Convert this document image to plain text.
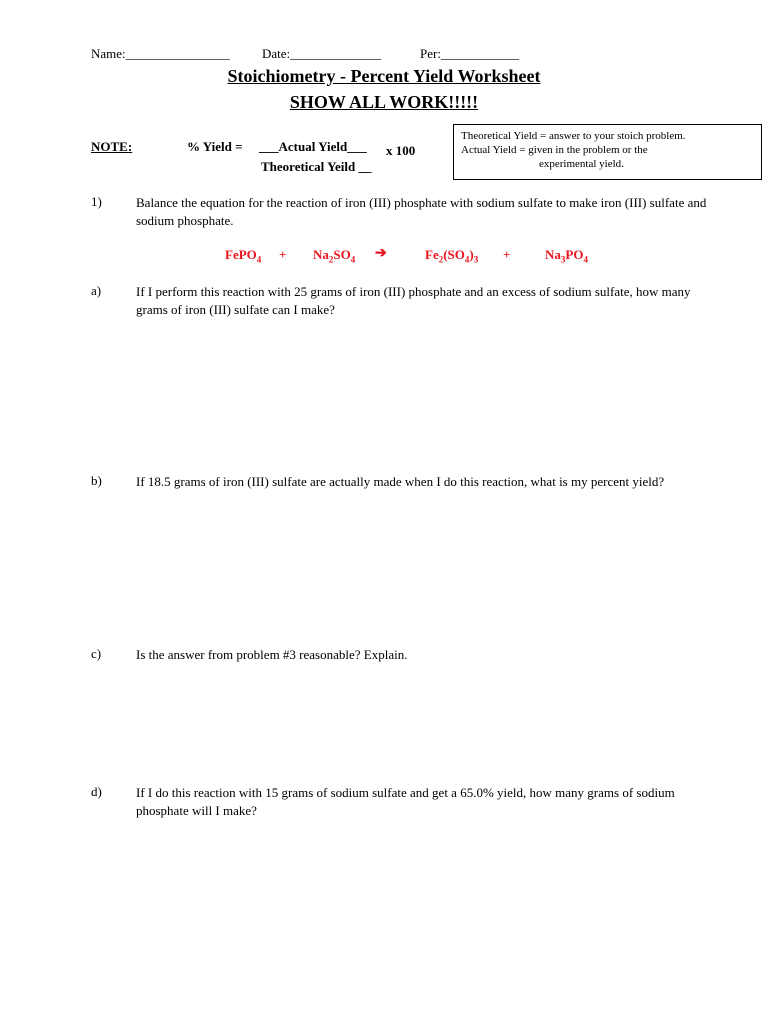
Name:________________ Date:______________	Per:____________
Stoichiometry - Percent Yield Worksheet
SHOW ALL WORK!!!!!
NOTE:	% Yield = ___Actual Yield___ x 100
Theoretical Yeild __
Theoretical Yield = answer to your stoich problem.
Actual Yield = given in the problem or the
experimental yield.
1)	Balance the equation for the reaction of iron (III) phosphate with sodium sulfate to make iron (III) sulfate and sodium phosphate.
FePO$_4$ + $Na_2SO_4$ ➔	$Fe_2(SO_4)_3$ +	$Na_3PO_4$
a)	If I perform this reaction with 25 grams of iron (III) phosphate and an excess of sodium sulfate, how many grams of iron (III) sulfate can I make?
b)	If 18.5 grams of iron (III) sulfate are actually made when I do this reaction, what is my percent yield?
c)	Is the answer from problem #3 reasonable? Explain.
d)	If I do this reaction with 15 grams of sodium sulfate and get a 65.0% yield, how many grams of sodium phosphate will I make?
